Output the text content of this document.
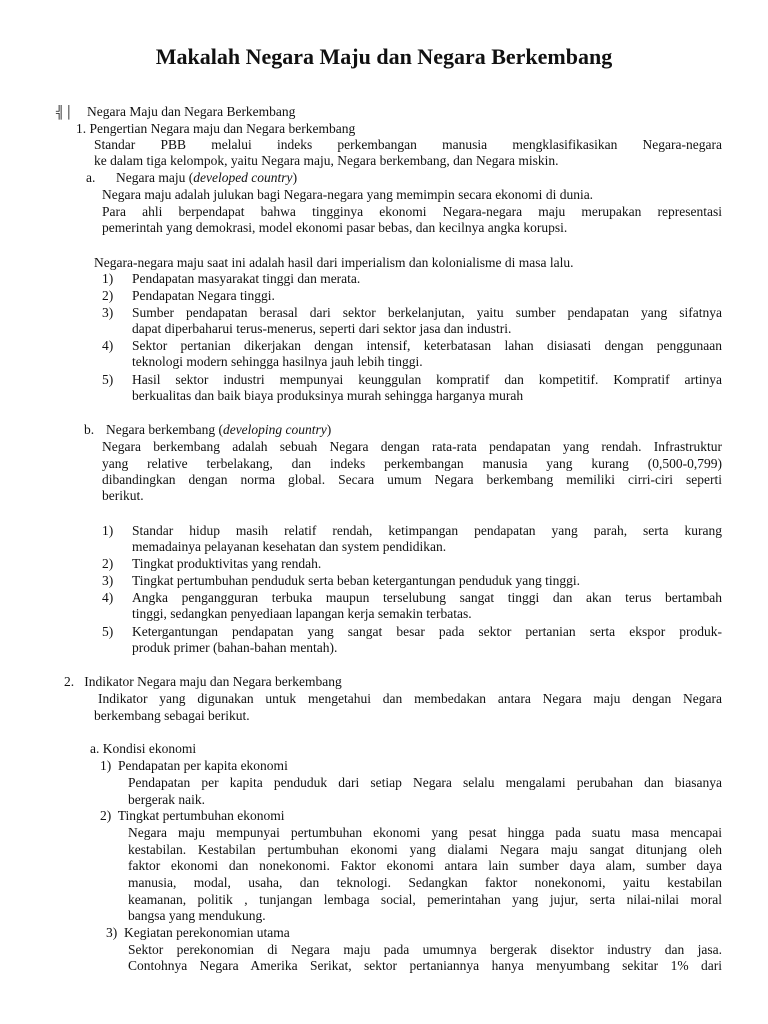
Makalah Negara Maju dan Negara Berkembang
╣│ Negara Maju dan Negara Berkembang
1. Pengertian Negara maju dan Negara berkembang
Standar PBB melalui indeks perkembangan manusia mengklasifikasikan Negara-negara
ke dalam tiga kelompok, yaitu Negara maju, Negara berkembang, dan Negara miskin.
a. Negara maju (developed country)
Negara maju adalah julukan bagi Negara-negara yang memimpin secara ekonomi di dunia.
Para ahli berpendapat bahwa tingginya ekonomi Negara-negara maju merupakan representasi
pemerintah yang demokrasi, model ekonomi pasar bebas, dan kecilnya angka korupsi.
Negara-negara maju saat ini adalah hasil dari imperialism dan kolonialisme di masa lalu.
1) Pendapatan masyarakat tinggi dan merata.
2) Pendapatan Negara tinggi.
3) Sumber pendapatan berasal dari sektor berkelanjutan, yaitu sumber pendapatan yang sifatnya
dapat diperbaharui terus-menerus, seperti dari sektor jasa dan industri.
4) Sektor pertanian dikerjakan dengan intensif, keterbatasan lahan disiasati dengan penggunaan
teknologi modern sehingga hasilnya jauh lebih tinggi.
5) Hasil sektor industri mempunyai keunggulan kompratif dan kompetitif. Kompratif artinya
berkualitas dan baik biaya produksinya murah sehingga harganya murah
b. Negara berkembang (developing country)
Negara berkembang adalah sebuah Negara dengan rata-rata pendapatan yang rendah. Infrastruktur
yang relative terbelakang, dan indeks perkembangan manusia yang kurang (0,500-0,799)
dibandingkan dengan norma global. Secara umum Negara berkembang memiliki cirri-ciri seperti
berikut.
1) Standar hidup masih relatif rendah, ketimpangan pendapatan yang parah, serta kurang
memadainya pelayanan kesehatan dan system pendidikan.
2) Tingkat produktivitas yang rendah.
3) Tingkat pertumbuhan penduduk serta beban ketergantungan penduduk yang tinggi.
4) Angka pengangguran terbuka maupun terselubung sangat tinggi dan akan terus bertambah
tinggi, sedangkan penyediaan lapangan kerja semakin terbatas.
5) Ketergantungan pendapatan yang sangat besar pada sektor pertanian serta ekspor produk-
produk primer (bahan-bahan mentah).
2.   Indikator Negara maju dan Negara berkembang
Indikator yang digunakan untuk mengetahui dan membedakan antara Negara maju dengan Negara
berkembang sebagai berikut.
a. Kondisi ekonomi
1)  Pendapatan per kapita ekonomi
Pendapatan per kapita penduduk dari setiap Negara selalu mengalami perubahan dan biasanya
bergerak naik.
2)  Tingkat pertumbuhan ekonomi
Negara maju mempunyai pertumbuhan ekonomi yang pesat hingga pada suatu masa mencapai
kestabilan. Kestabilan pertumbuhan ekonomi yang dialami Negara maju sangat ditunjang oleh
faktor ekonomi dan nonekonomi. Faktor ekonomi antara lain sumber daya alam, sumber daya
manusia, modal, usaha, dan teknologi. Sedangkan faktor nonekonomi, yaitu kestabilan
keamanan, politik , tunjangan lembaga social, pemerintahan yang jujur, serta nilai-nilai moral
bangsa yang mendukung.
3)  Kegiatan perekonomian utama
Sektor perekonomian di Negara maju pada umumnya bergerak disektor industry dan jasa.
Contohnya Negara Amerika Serikat, sektor pertaniannya hanya menyumbang sekitar 1% dari
